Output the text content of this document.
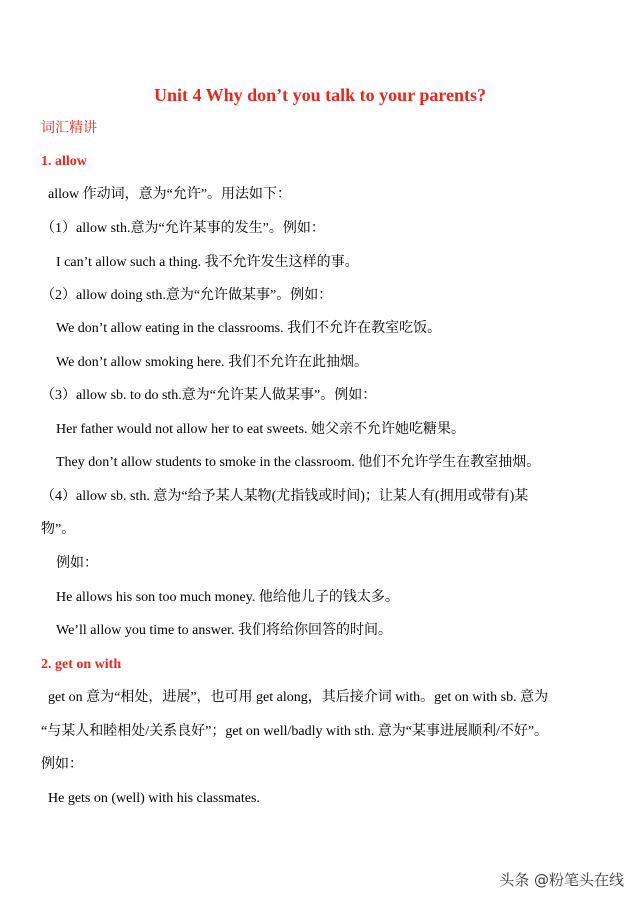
Unit 4 Why don’t you talk to your parents?
词汇精讲
1. allow
allow 作动词，意为“允许”。用法如下：
（1）allow sth.意为“允许某事的发生”。例如：
I can’t allow such a thing. 我不允许发生这样的事。
（2）allow doing sth.意为“允许做某事”。例如：
We don’t allow eating in the classrooms. 我们不允许在教室吃饭。
We don’t allow smoking here. 我们不允许在此抽烟。
（3）allow sb. to do sth.意为“允许某人做某事”。例如：
Her father would not allow her to eat sweets. 她父亲不允许她吃糖果。
They don’t allow students to smoke in the classroom. 他们不允许学生在教室抽烟。
（4）allow sb. sth. 意为“给予某人某物(尤指钱或时间)；让某人有(拥用或带有)某
物”。
例如：
He allows his son too much money. 他给他儿子的钱太多。
We’ll allow you time to answer. 我们将给你回答的时间。
2. get on with
get on 意为“相处，进展”，也可用 get along，其后接介词 with。get on with sb. 意为
“与某人和睦相处/关系良好”；get on well/badly with sth. 意为“某事进展顺利/不好”。
例如：
He gets on (well) with his classmates.
头条 @粉笔头在线
